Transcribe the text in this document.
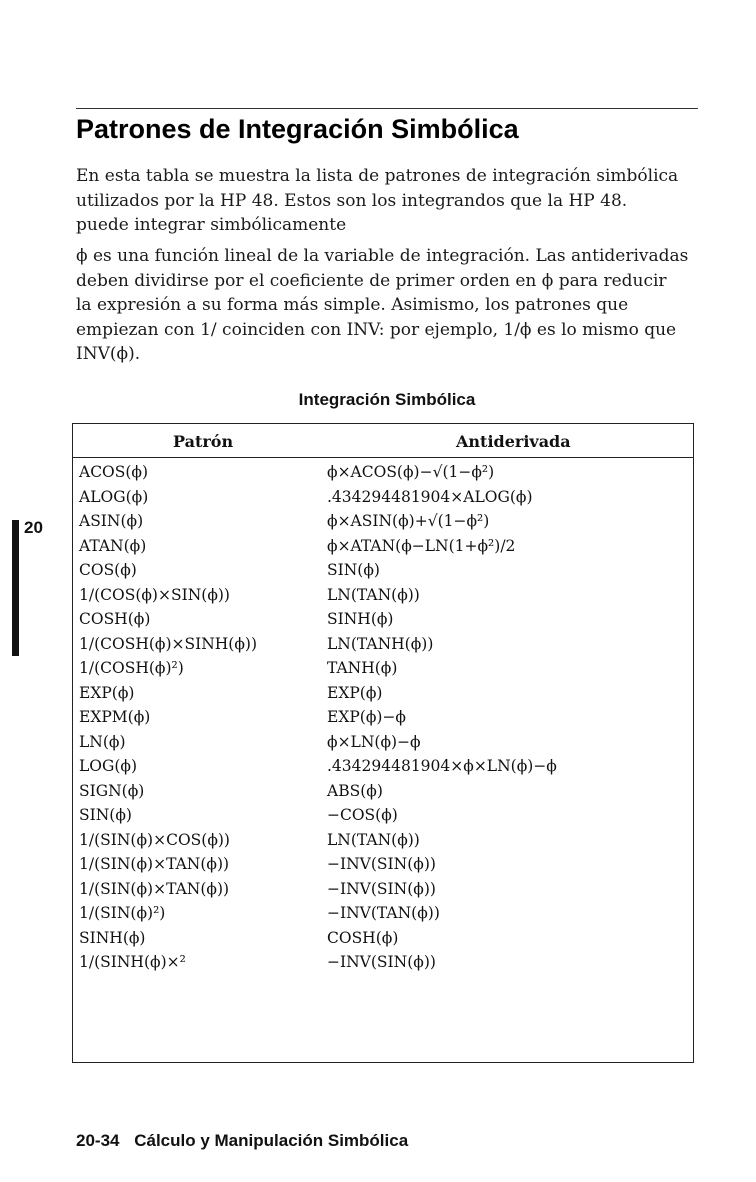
Patrones de Integración Simbólica

En esta tabla se muestra la lista de patrones de integración simbólica
utilizados por la HP 48. Estos son los integrandos que la HP 48.
puede integrar simbólicamente

ϕ es una función lineal de la variable de integración. Las antiderivadas
deben dividirse por el coeficiente de primer orden en ϕ para reducir
la expresión a su forma más simple. Asimismo, los patrones que
empiezan con 1/ coinciden con INV: por ejemplo, 1/ϕ es lo mismo que
INV(ϕ).

Integración Simbólica
20
Patrón	Antiderivada
ACOS(ϕ)	ϕ×ACOS(ϕ)−√(1−ϕ²)
ALOG(ϕ)	.434294481904×ALOG(ϕ)
ASIN(ϕ)	ϕ×ASIN(ϕ)+√(1−ϕ²)
ATAN(ϕ)	ϕ×ATAN(ϕ−LN(1+ϕ²)/2
COS(ϕ)	SIN(ϕ)
1/(COS(ϕ)×SIN(ϕ))	LN(TAN(ϕ))
COSH(ϕ)	SINH(ϕ)
1/(COSH(ϕ)×SINH(ϕ))	LN(TANH(ϕ))
1/(COSH(ϕ)²)	TANH(ϕ)
EXP(ϕ)	EXP(ϕ)
EXPM(ϕ)	EXP(ϕ)−ϕ
LN(ϕ)	ϕ×LN(ϕ)−ϕ
LOG(ϕ)	.434294481904×ϕ×LN(ϕ)−ϕ
SIGN(ϕ)	ABS(ϕ)
SIN(ϕ)	−COS(ϕ)
1/(SIN(ϕ)×COS(ϕ))	LN(TAN(ϕ))
1/(SIN(ϕ)×TAN(ϕ))	−INV(SIN(ϕ))
1/(SIN(ϕ)×TAN(ϕ))	−INV(SIN(ϕ))
1/(SIN(ϕ)²)	−INV(TAN(ϕ))
SINH(ϕ)	COSH(ϕ)
1/(SINH(ϕ)×²	−INV(SIN(ϕ))
20-34 Cálculo y Manipulación Simbólica
